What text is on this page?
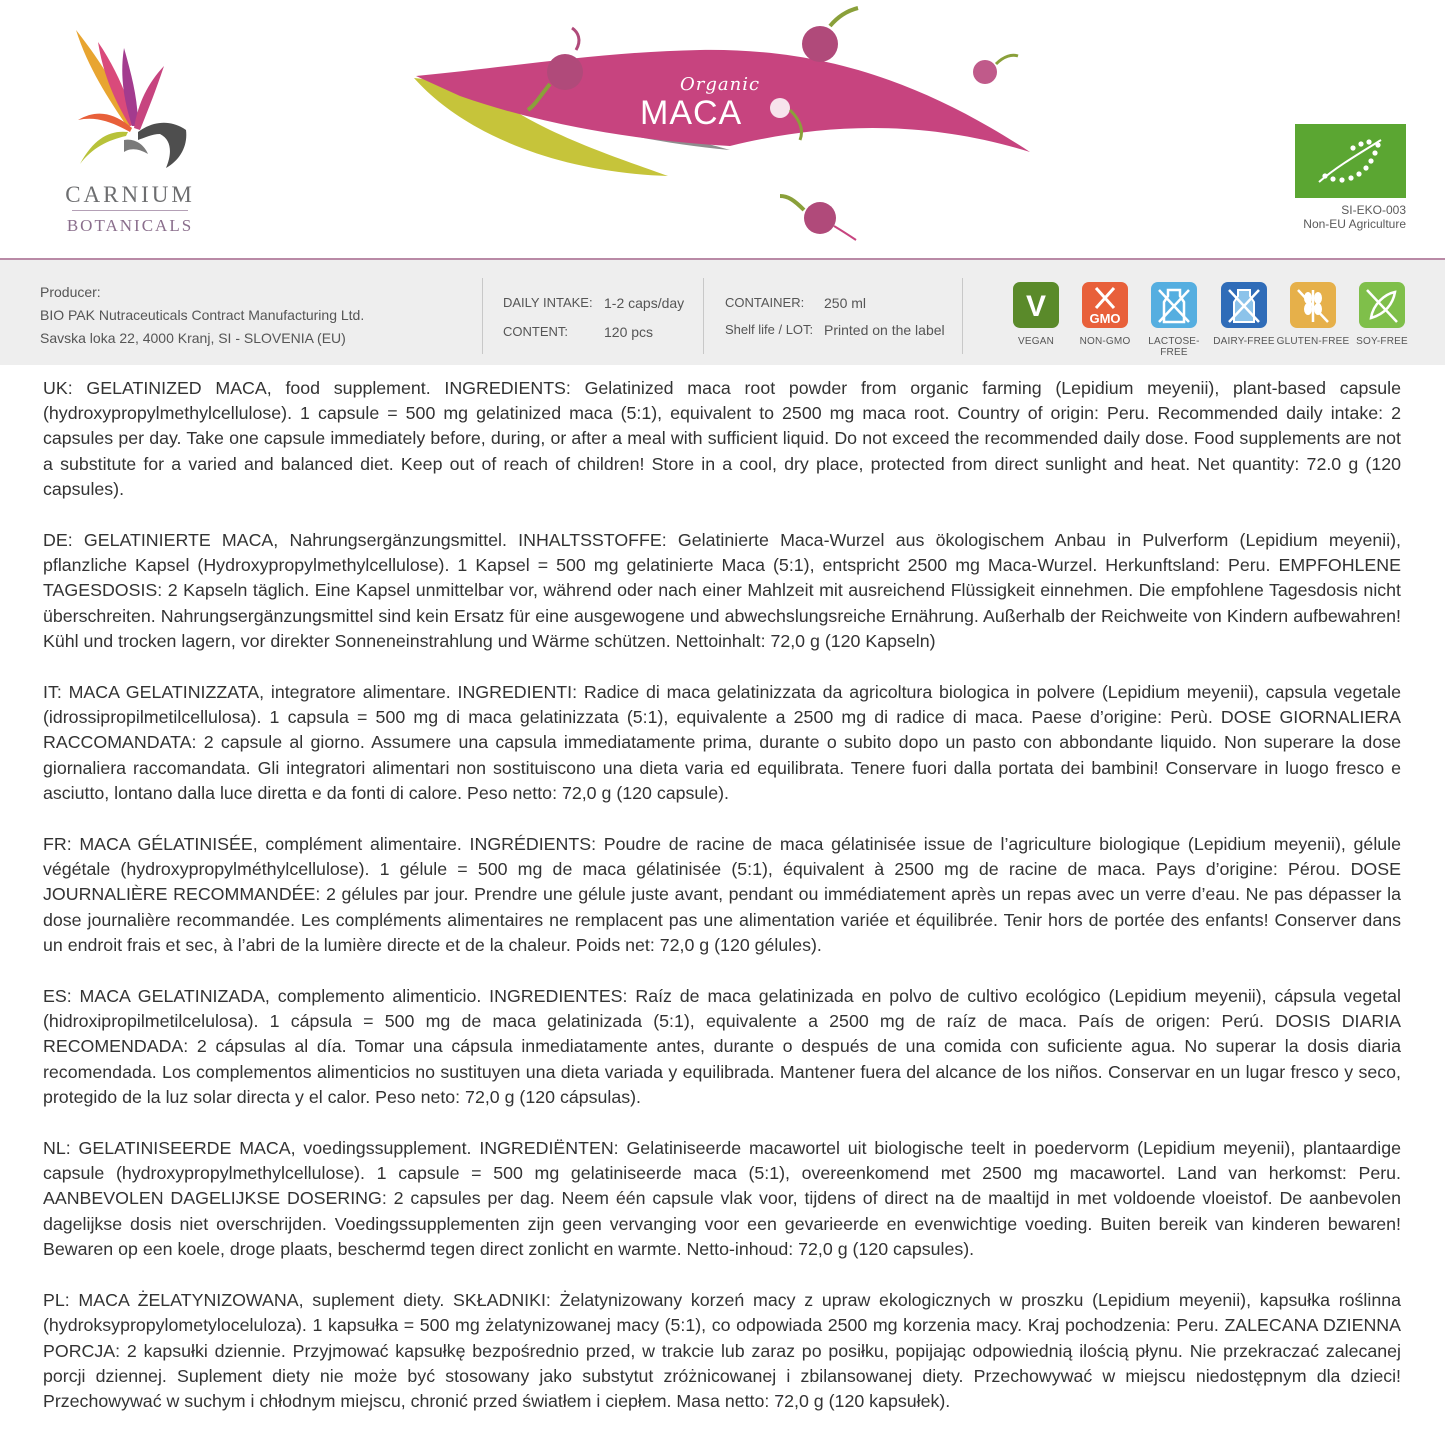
CARNIUM
BOTANICALS
Organic
MACA
SI-EKO-003
Non-EU Agriculture
Producer:
BIO PAK Nutraceuticals Contract Manufacturing Ltd.
Savska loka 22, 4000 Kranj, SI - SLOVENIA (EU)
DAILY INTAKE: 1-2 caps/day
CONTENT:	120 pcs
CONTAINER: 250 ml
Shelf life / LOT: Printed on the label
V
VEGAN
GMO
NON-GMO	LACTOSE-FREE
DAIRY-FREE GLUTEN-FREE SOY-FREE

UK: GELATINIZED MACA, food supplement. INGREDIENTS: Gelatinized maca root powder from organic farming (Lepidium meyenii), plant-based capsule (hydroxypropylmethylcellulose). 1 capsule = 500 mg gelatinized maca (5:1), equivalent to 2500 mg maca root. Country of origin: Peru. Recommended daily intake: 2 capsules per day. Take one capsule immediately before, during, or after a meal with sufficient liquid. Do not exceed the recommended daily dose. Food supplements are not a substitute for a varied and balanced diet. Keep out of reach of children! Store in a cool, dry place, protected from direct sunlight and heat. Net quantity: 72.0 g (120 capsules).

DE: GELATINIERTE MACA, Nahrungsergänzungsmittel. INHALTSSTOFFE: Gelatinierte Maca-Wurzel aus ökologischem Anbau in Pulverform (Lepidium meyenii), pflanzliche Kapsel (Hydroxypropylmethylcellulose). 1 Kapsel = 500 mg gelatinierte Maca (5:1), entspricht 2500 mg Maca-Wurzel. Herkunftsland: Peru. EMPFOHLENE TAGESDOSIS: 2 Kapseln täglich. Eine Kapsel unmittelbar vor, während oder nach einer Mahlzeit mit ausreichend Flüssigkeit einnehmen. Die empfohlene Tagesdosis nicht überschreiten. Nahrungsergänzungsmittel sind kein Ersatz für eine ausgewogene und abwechslungsreiche Ernährung. Außerhalb der Reichweite von Kindern aufbewahren! Kühl und trocken lagern, vor direkter Sonneneinstrahlung und Wärme schützen. Nettoinhalt: 72,0 g (120 Kapseln)

IT: MACA GELATINIZZATA, integratore alimentare. INGREDIENTI: Radice di maca gelatinizzata da agricoltura biologica in polvere (Lepidium meyenii), capsula vegetale (idrossipropilmetilcellulosa). 1 capsula = 500 mg di maca gelatinizzata (5:1), equivalente a 2500 mg di radice di maca. Paese d’origine: Perù. DOSE GIORNALIERA RACCOMANDATA: 2 capsule al giorno. Assumere una capsula immediatamente prima, durante o subito dopo un pasto con abbondante liquido. Non superare la dose giornaliera raccomandata. Gli integratori alimentari non sostituiscono una dieta varia ed equilibrata. Tenere fuori dalla portata dei bambini! Conservare in luogo fresco e asciutto, lontano dalla luce diretta e da fonti di calore. Peso netto: 72,0 g (120 capsule).

FR: MACA GÉLATINISÉE, complément alimentaire. INGRÉDIENTS: Poudre de racine de maca gélatinisée issue de l’agriculture biologique (Lepidium meyenii), gélule végétale (hydroxypropylméthylcellulose). 1 gélule = 500 mg de maca gélatinisée (5:1), équivalent à 2500 mg de racine de maca. Pays d’origine: Pérou. DOSE JOURNALIÈRE RECOMMANDÉE: 2 gélules par jour. Prendre une gélule juste avant, pendant ou immédiatement après un repas avec un verre d’eau. Ne pas dépasser la dose journalière recommandée. Les compléments alimentaires ne remplacent pas une alimentation variée et équilibrée. Tenir hors de portée des enfants! Conserver dans un endroit frais et sec, à l’abri de la lumière directe et de la chaleur. Poids net: 72,0 g (120 gélules).

ES: MACA GELATINIZADA, complemento alimenticio. INGREDIENTES: Raíz de maca gelatinizada en polvo de cultivo ecológico (Lepidium meyenii), cápsula vegetal (hidroxipropilmetilcelulosa). 1 cápsula = 500 mg de maca gelatinizada (5:1), equivalente a 2500 mg de raíz de maca. País de origen: Perú. DOSIS DIARIA RECOMENDADA: 2 cápsulas al día. Tomar una cápsula inmediatamente antes, durante o después de una comida con suficiente agua. No superar la dosis diaria recomendada. Los complementos alimenticios no sustituyen una dieta variada y equilibrada. Mantener fuera del alcance de los niños. Conservar en un lugar fresco y seco, protegido de la luz solar directa y el calor. Peso neto: 72,0 g (120 cápsulas).

NL: GELATINISEERDE MACA, voedingssupplement. INGREDIËNTEN: Gelatiniseerde macawortel uit biologische teelt in poedervorm (Lepidium meyenii), plantaardige capsule (hydroxypropylmethylcellulose). 1 capsule = 500 mg gelatiniseerde maca (5:1), overeenkomend met 2500 mg macawortel. Land van herkomst: Peru. AANBEVOLEN DAGELIJKSE DOSERING: 2 capsules per dag. Neem één capsule vlak voor, tijdens of direct na de maaltijd in met voldoende vloeistof. De aanbevolen dagelijkse dosis niet overschrijden. Voedingssupplementen zijn geen vervanging voor een gevarieerde en evenwichtige voeding. Buiten bereik van kinderen bewaren! Bewaren op een koele, droge plaats, beschermd tegen direct zonlicht en warmte. Netto-inhoud: 72,0 g (120 capsules).

PL: MACA ŻELATYNIZOWANA, suplement diety. SKŁADNIKI: Żelatynizowany korzeń macy z upraw ekologicznych w proszku (Lepidium meyenii), kapsułka roślinna (hydroksypropylometyloceluloza). 1 kapsułka = 500 mg żelatynizowanej macy (5:1), co odpowiada 2500 mg korzenia macy. Kraj pochodzenia: Peru. ZALECANA DZIENNA PORCJA: 2 kapsułki dziennie. Przyjmować kapsułkę bezpośrednio przed, w trakcie lub zaraz po posiłku, popijając odpowiednią ilością płynu. Nie przekraczać zalecanej porcji dziennej. Suplement diety nie może być stosowany jako substytut zróżnicowanej i zbilansowanej diety. Przechowywać w miejscu niedostępnym dla dzieci! Przechowywać w suchym i chłodnym miejscu, chronić przed światłem i ciepłem. Masa netto: 72,0 g (120 kapsułek).
